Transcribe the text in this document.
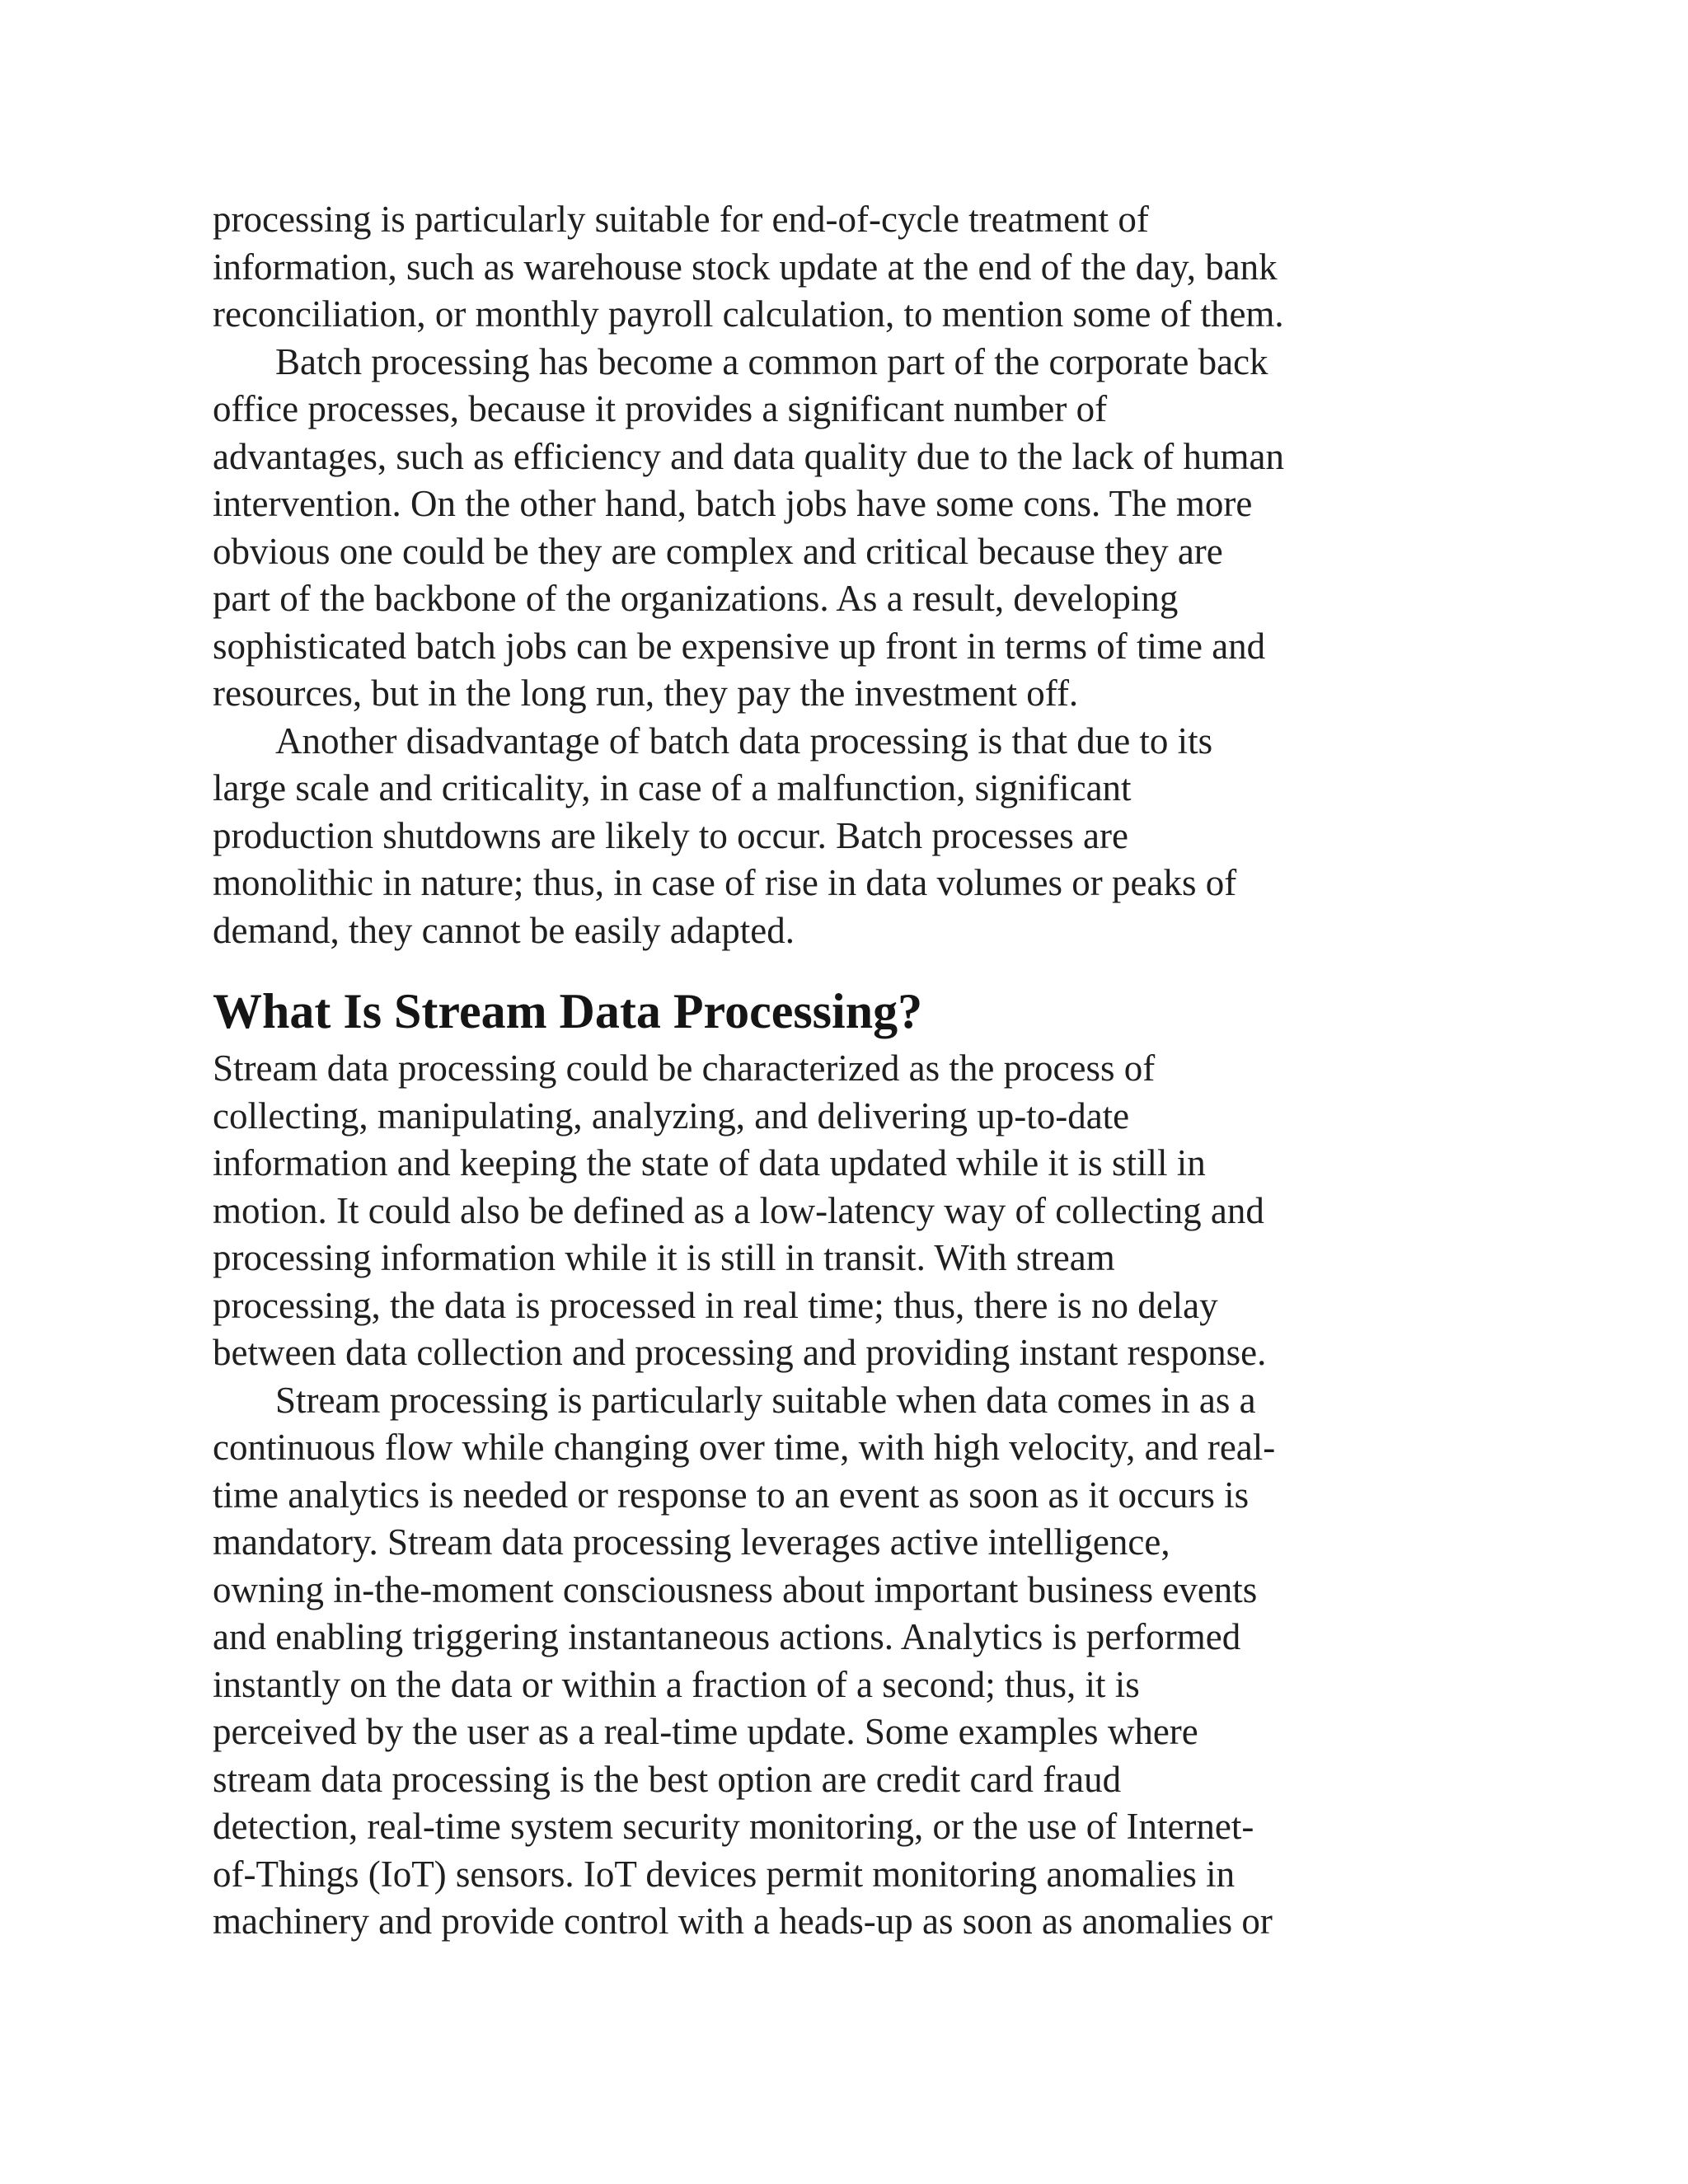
processing is particularly suitable for end-of-cycle treatment of
information, such as warehouse stock update at the end of the day, bank
reconciliation, or monthly payroll calculation, to mention some of them.
Batch processing has become a common part of the corporate back
office processes, because it provides a significant number of
advantages, such as efficiency and data quality due to the lack of human
intervention. On the other hand, batch jobs have some cons. The more
obvious one could be they are complex and critical because they are
part of the backbone of the organizations. As a result, developing
sophisticated batch jobs can be expensive up front in terms of time and
resources, but in the long run, they pay the investment off.
Another disadvantage of batch data processing is that due to its
large scale and criticality, in case of a malfunction, significant
production shutdowns are likely to occur. Batch processes are
monolithic in nature; thus, in case of rise in data volumes or peaks of
demand, they cannot be easily adapted.
What Is Stream Data Processing?
Stream data processing could be characterized as the process of
collecting, manipulating, analyzing, and delivering up-to-date
information and keeping the state of data updated while it is still in
motion. It could also be defined as a low-latency way of collecting and
processing information while it is still in transit. With stream
processing, the data is processed in real time; thus, there is no delay
between data collection and processing and providing instant response.
Stream processing is particularly suitable when data comes in as a
continuous flow while changing over time, with high velocity, and real-
time analytics is needed or response to an event as soon as it occurs is
mandatory. Stream data processing leverages active intelligence,
owning in-the-moment consciousness about important business events
and enabling triggering instantaneous actions. Analytics is performed
instantly on the data or within a fraction of a second; thus, it is
perceived by the user as a real-time update. Some examples where
stream data processing is the best option are credit card fraud
detection, real-time system security monitoring, or the use of Internet-
of-Things (IoT) sensors. IoT devices permit monitoring anomalies in
machinery and provide control with a heads-up as soon as anomalies or
